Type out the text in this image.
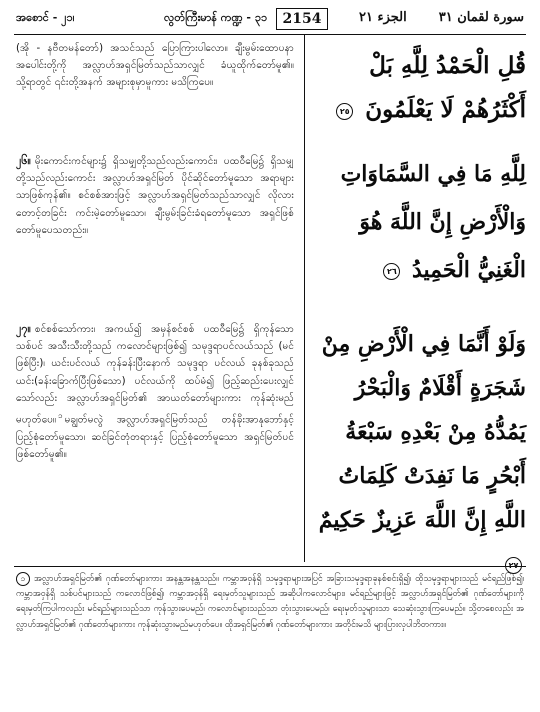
အစောင် - ၂၁၊	လွတ်ကြီးမာန် ကဏ္ဍ - ၃၁	2154	الجزء ٢١ سورة لقمان ٣١
(အို - နဗီတမန်တော်) အသင်သည် ပြောကြားပါလော။ ချီးမွမ်းထောပနာ အပေါင်းတို့ကို အလ္လာဟ်အရှင်မြတ်သည်သာလျှင် ခံယူထိုက်တော်မူ၏။ သို့ရာတွင် ၎င်းတို့အနက် အများစုမှာမူကား မသိကြပေ။
၂၆။ မိုးကောင်းကင်များ၌ ရှိသမျှတို့သည်လည်းကောင်း၊ ပထဝီမြေ၌ ရှိသမျှတို့သည်လည်းကောင်း အလ္လာဟ်အရှင်မြတ် ပိုင်ဆိုင်တော်မူသော အရာများသာဖြစ်ကုန်၏။ စင်စစ်အားဖြင့် အလ္လာဟ်အရှင်မြတ်သည်သာလျှင် လိုလားတောင့်တခြင်း ကင်းမဲ့တော်မူသော၊ ချီးမွမ်းခြင်းခံရတော်မူသော အရှင်ဖြစ်တော်မူပေသတည်း။
၂၇။ စင်စစ်သော်ကား၊ အကယ်၍ အမှန်စင်စစ် ပထဝီမြေ၌ ရှိကုန်သော သစ်ပင် အသီးသီးတို့သည် ကလောင်များဖြစ်၍ သမုဒ္ဒရာပင်လယ်သည် (မင်ဖြစ်ပြီး)၊ ယင်းပင်လယ် ကုန်ခန်းပြီးနောက် သမုဒ္ဒရာ ပင်လယ် ခုနစ်ခုသည် ယင်း(ခန်းခြောက်ပြီးဖြစ်သော) ပင်လယ်ကို ထပ်မံ၍ ဖြည့်ဆည်းပေးလျှင်သော်လည်း အလ္လာဟ်အရှင်မြတ်၏ အာယတ်တော်များကား ကုန်ဆုံးမည် မဟုတ်ပေ။ $^၁$ မချွတ်မလွဲ အလ္လာဟ်အရှင်မြတ်သည် တန်ခိုးအာနုဘော်နှင့် ပြည့်စုံတော်မူသော၊ ဆင်ခြင်တုံတရားနှင့် ပြည့်စုံတော်မူသော အရှင်မြတ်ပင် ဖြစ်တော်မူ၏။
قُلِ الْحَمْدُ لِلَّهِ بَلْ أَكْثَرُهُمْ لَا يَعْلَمُونَ ٢٥
لِلَّهِ مَا فِي السَّمَاوَاتِ وَالْأَرْضِ إِنَّ اللَّهَ هُوَ الْغَنِيُّ الْحَمِيدُ ٢٦
وَلَوْ أَنَّمَا فِي الْأَرْضِ مِنْ شَجَرَةٍ أَقْلَامٌ وَالْبَحْرُ يَمُدُّهُ مِنْ بَعْدِهِ سَبْعَةُ أَبْحُرٍ مَا نَفِدَتْ كَلِمَاتُ اللَّهِ إِنَّ اللَّهَ عَزِيزٌ حَكِيمٌ ٢٧
၁ အလ္လာဟ်အရှင်မြတ်၏ ဂုဏ်တော်များကား အနန္တအနန္တသည်။ ကမ္ဘာအဝှန်ရှိ သမုဒ္ဒရာများအပြင် အခြားသမုဒ္ဒရာခုနစ်စင်းရှိ၍၊ ထိုသမုဒ္ဒရာများသည် မင်ရည်ဖြစ်၍၊ ကမ္ဘာအဝှန်ရှိ သစ်ပင်များသည် ကလောင်ဖြစ်၍၊ ကမ္ဘာအဝှန်ရှိ ရေးမှတ်သူများသည် အဆိုပါကလောင်များ၊ မင်ရည်များဖြင့် အလ္လာဟ်အရှင်မြတ်၏ ဂုဏ်တော်များကို ရေးမှတ်ကြပါကလည်း မင်ရည်များသည်သာ ကုန်သွားပေမည်၊ ကလောင်များသည်သာ တုံးသွားပေမည်၊ ရေးမှတ်သူများသာ သေဆုံးသွားကြပေမည်။ သို့တစေလည်း အလ္လာဟ်အရှင်မြတ်၏ ဂုဏ်တော်များကား ကုန်ဆုံးသွားမည်မဟုတ်ပေ။ ထိုအရှင်မြတ်၏ ဂုဏ်တော်များကား အတိုင်းမသိ များပြားလှပါဘိတကား။
